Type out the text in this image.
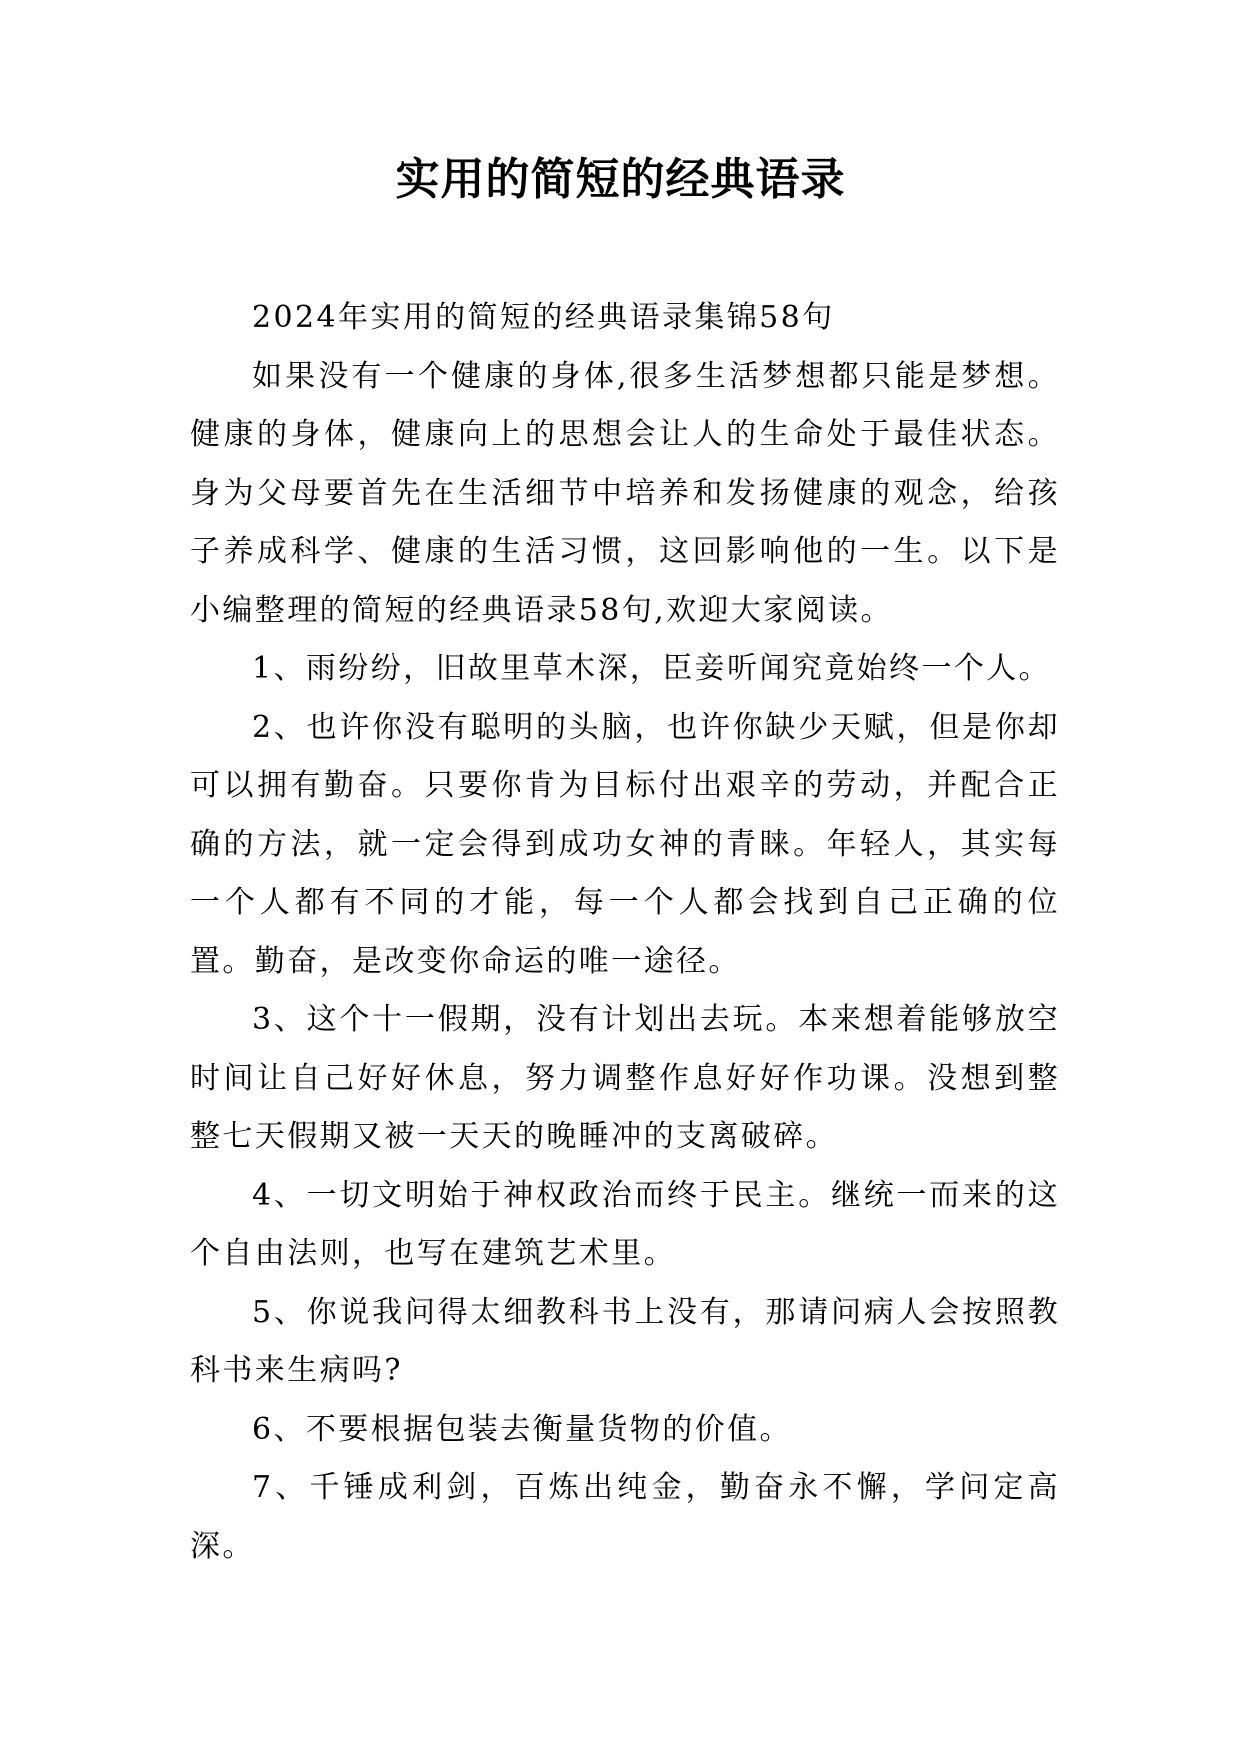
实用的简短的经典语录

2024年实用的简短的经典语录集锦58句

如果没有一个健康的身体,很多生活梦想都只能是梦想。健康的身体，健康向上的思想会让人的生命处于最佳状态。身为父母要首先在生活细节中培养和发扬健康的观念，给孩子养成科学、健康的生活习惯，这回影响他的一生。以下是小编整理的简短的经典语录58句,欢迎大家阅读。

1、雨纷纷，旧故里草木深，臣妾听闻究竟始终一个人。

2、也许你没有聪明的头脑，也许你缺少天赋，但是你却可以拥有勤奋。只要你肯为目标付出艰辛的劳动，并配合正确的方法，就一定会得到成功女神的青睐。年轻人，其实每一个人都有不同的才能，每一个人都会找到自己正确的位置。勤奋，是改变你命运的唯一途径。

3、这个十一假期，没有计划出去玩。本来想着能够放空时间让自己好好休息，努力调整作息好好作功课。没想到整整七天假期又被一天天的晚睡冲的支离破碎。

4、一切文明始于神权政治而终于民主。继统一而来的这个自由法则，也写在建筑艺术里。

5、你说我问得太细教科书上没有，那请问病人会按照教科书来生病吗?

6、不要根据包装去衡量货物的价值。

7、千锤成利剑，百炼出纯金，勤奋永不懈，学问定高深。
